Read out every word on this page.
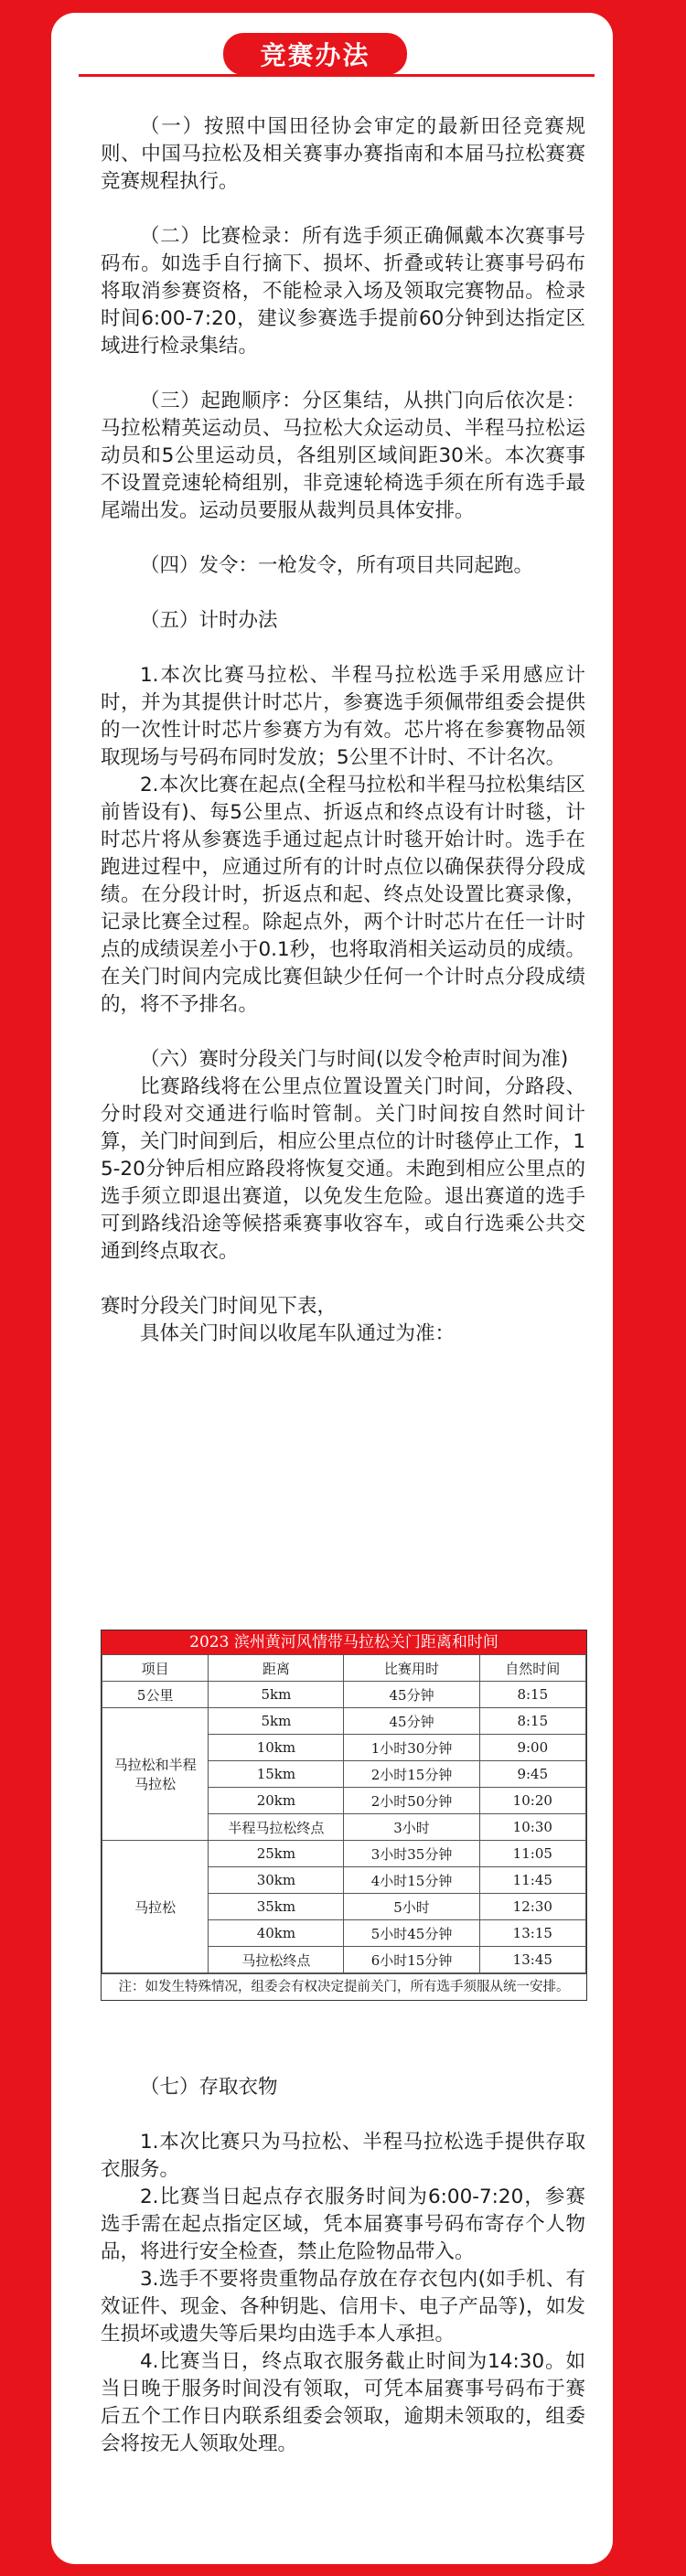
竞赛办法

（一）按照中国田径协会审定的最新田径竞赛规则、中国马拉松及相关赛事办赛指南和本届马拉松赛赛竞赛规程执行。

（二）比赛检录：所有选手须正确佩戴本次赛事号码布。如选手自行摘下、损坏、折叠或转让赛事号码布将取消参赛资格，不能检录入场及领取完赛物品。检录时间6:00-7:20，建议参赛选手提前60分钟到达指定区域进行检录集结。

（三）起跑顺序：分区集结，从拱门向后依次是：马拉松精英运动员、马拉松大众运动员、半程马拉松运动员和5公里运动员，各组别区域间距30米。本次赛事不设置竞速轮椅组别，非竞速轮椅选手须在所有选手最尾端出发。运动员要服从裁判员具体安排。

（四）发令：一枪发令，所有项目共同起跑。

（五）计时办法

1.本次比赛马拉松、半程马拉松选手采用感应计时，并为其提供计时芯片，参赛选手须佩带组委会提供的一次性计时芯片参赛方为有效。芯片将在参赛物品领取现场与号码布同时发放；5公里不计时、不计名次。

2.本次比赛在起点(全程马拉松和半程马拉松集结区前皆设有)、每5公里点、折返点和终点设有计时毯，计时芯片将从参赛选手通过起点计时毯开始计时。选手在跑进过程中，应通过所有的计时点位以确保获得分段成绩。在分段计时，折返点和起、终点处设置比赛录像，记录比赛全过程。除起点外，两个计时芯片在任一计时点的成绩误差小于0.1秒，也将取消相关运动员的成绩。在关门时间内完成比赛但缺少任何一个计时点分段成绩的，将不予排名。

（六）赛时分段关门与时间(以发令枪声时间为准)

比赛路线将在公里点位置设置关门时间，分路段、分时段对交通进行临时管制。关门时间按自然时间计算，关门时间到后，相应公里点位的计时毯停止工作，15-20分钟后相应路段将恢复交通。未跑到相应公里点的选手须立即退出赛道，以免发生危险。退出赛道的选手可到路线沿途等候搭乘赛事收容车，或自行选乘公共交通到终点取衣。

赛时分段关门时间见下表，

具体关门时间以收尾车队通过为准：

2023 滨州黄河风情带马拉松关门距离和时间
项目	距离	比赛用时	自然时间
5公里	5km	45分钟	8:15
马拉松和半程马拉松	5km	45分钟	8:15
	10km	1小时30分钟	9:00
	15km	2小时15分钟	9:45
	20km	2小时50分钟	10:20
	半程马拉松终点	3小时	10:30
马拉松	25km	3小时35分钟	11:05
	30km	4小时15分钟	11:45
	35km	5小时	12:30
	40km	5小时45分钟	13:15
	马拉松终点	6小时15分钟	13:45
注：如发生特殊情况，组委会有权决定提前关门，所有选手须服从统一安排。

（七）存取衣物

1.本次比赛只为马拉松、半程马拉松选手提供存取衣服务。

2.比赛当日起点存衣服务时间为6:00-7:20，参赛选手需在起点指定区域，凭本届赛事号码布寄存个人物品，将进行安全检查，禁止危险物品带入。

3.选手不要将贵重物品存放在存衣包内(如手机、有效证件、现金、各种钥匙、信用卡、电子产品等)，如发生损坏或遗失等后果均由选手本人承担。

4.比赛当日，终点取衣服务截止时间为14:30。如当日晚于服务时间没有领取，可凭本届赛事号码布于赛后五个工作日内联系组委会领取，逾期未领取的，组委会将按无人领取处理。
